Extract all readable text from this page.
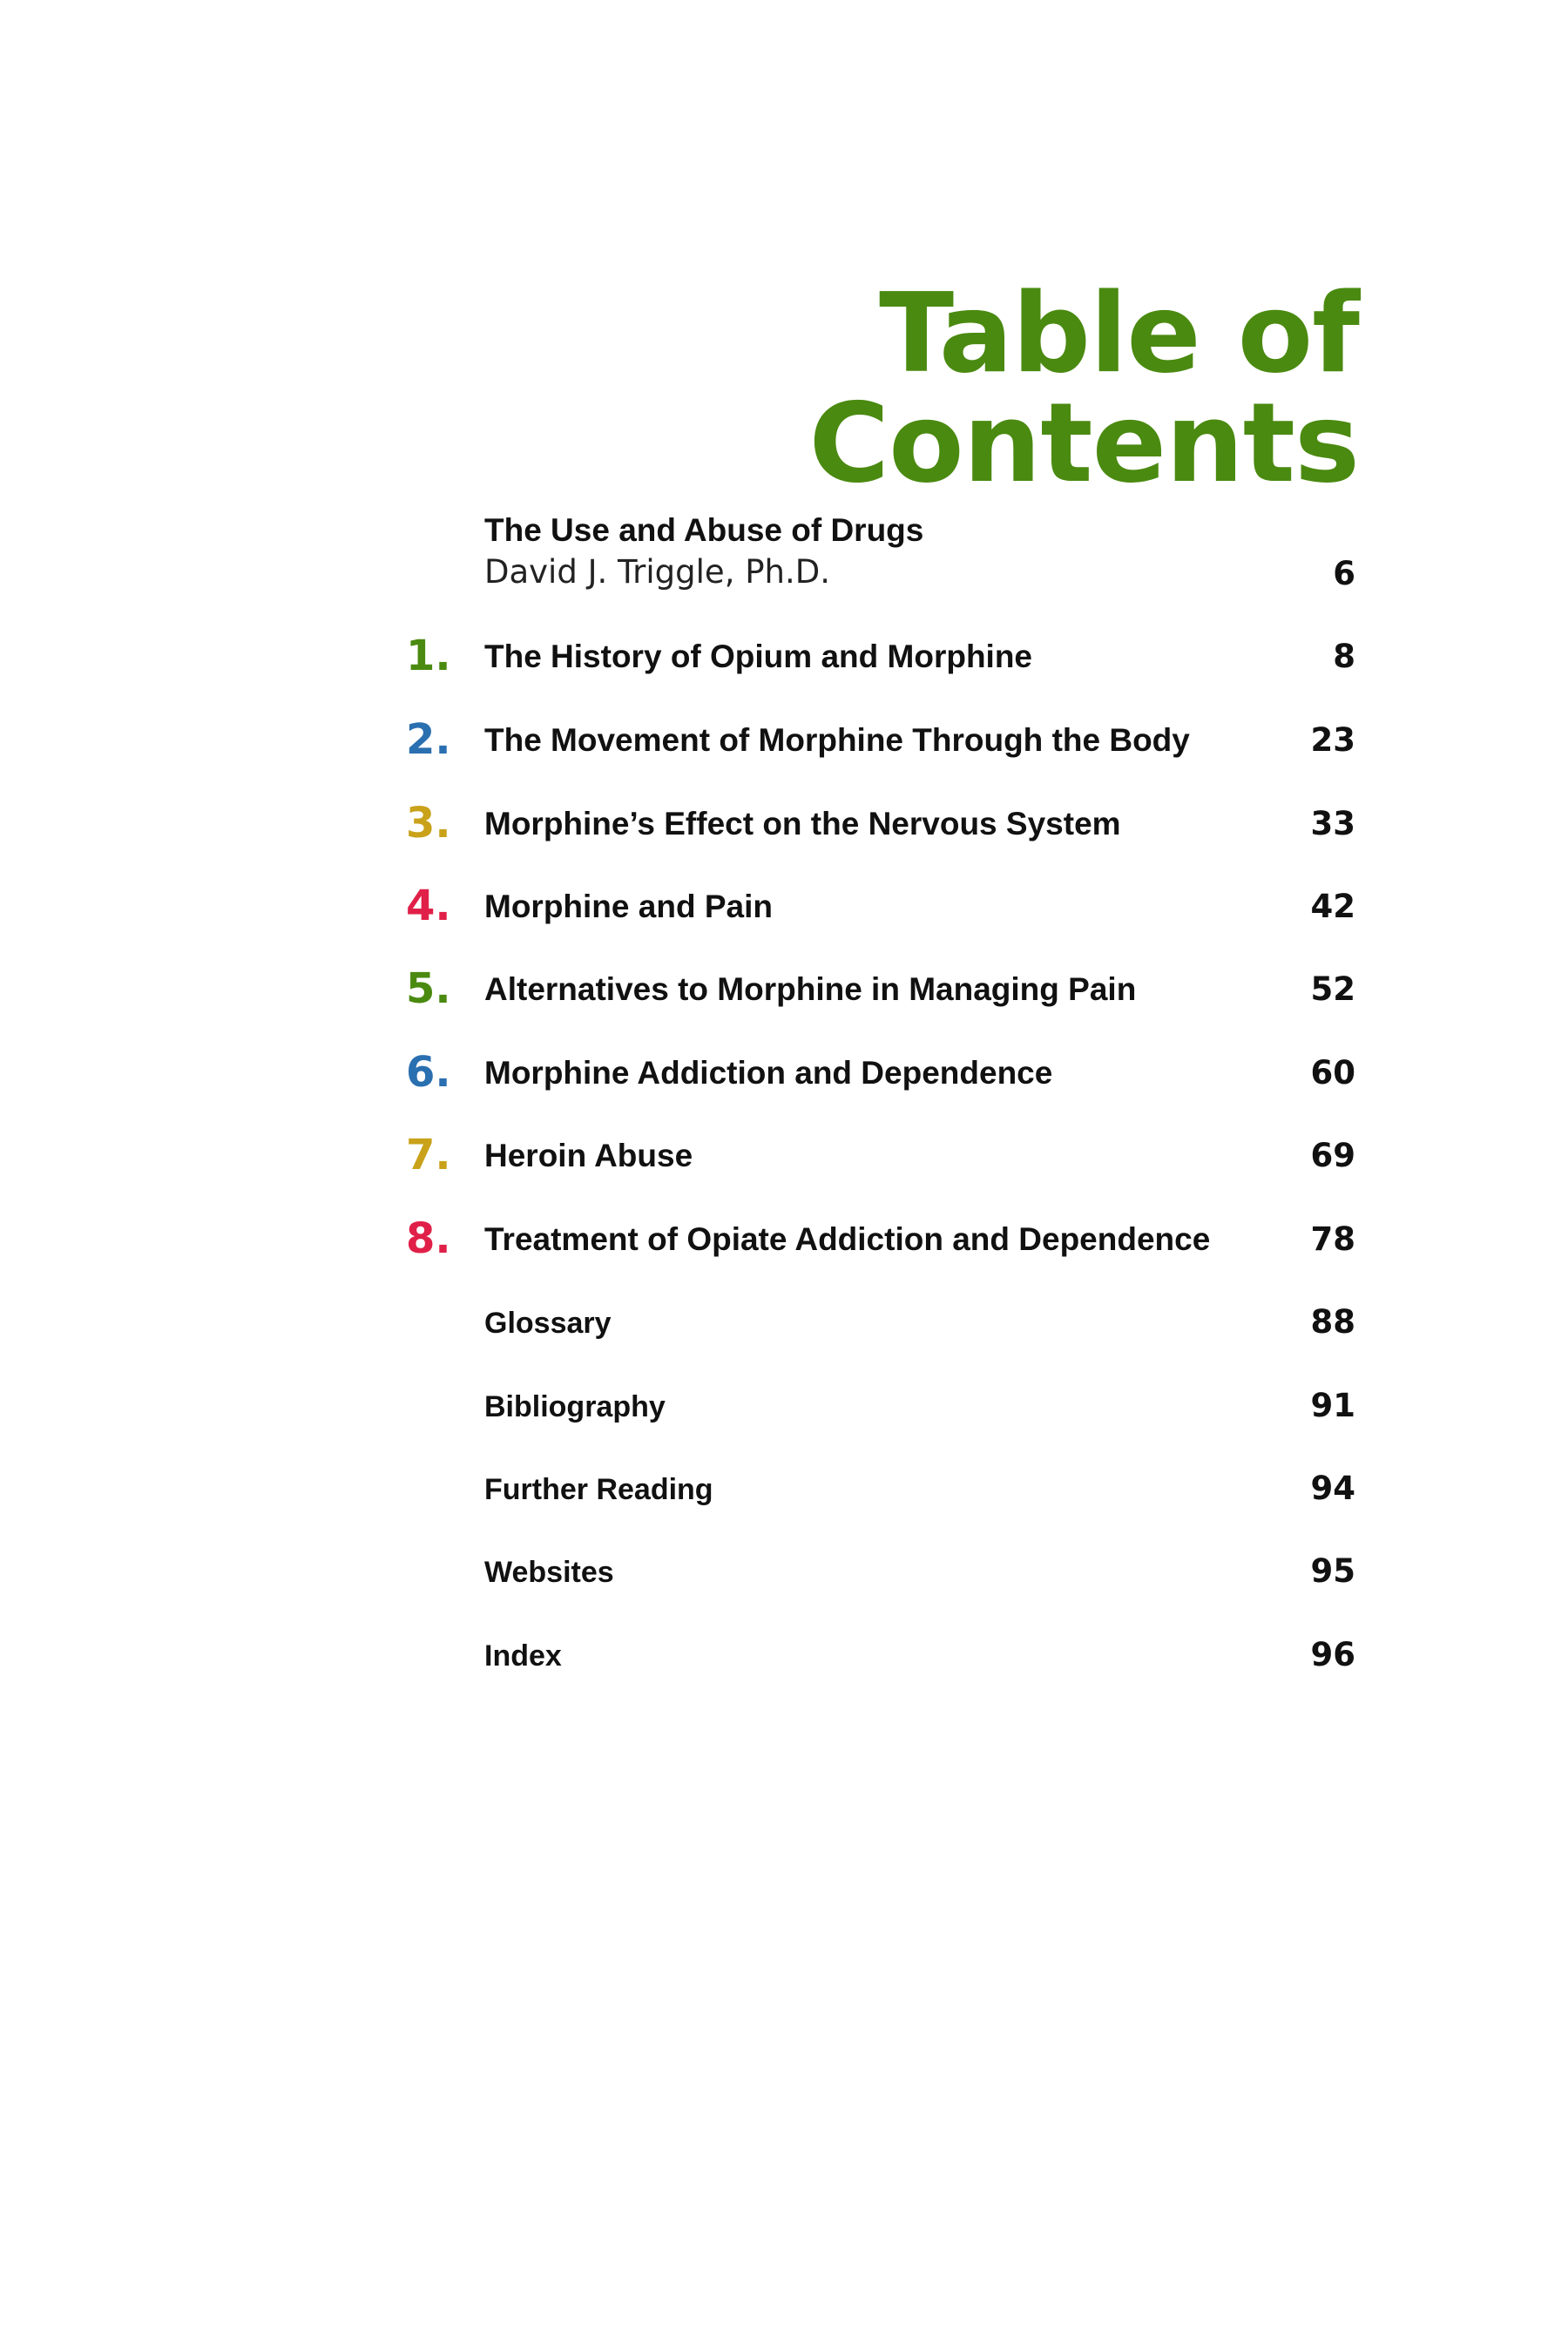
Table of Contents
The Use and Abuse of Drugs
David J. Triggle, Ph.D.	6
1. The History of Opium and Morphine	8
2. The Movement of Morphine Through the Body	23
3. Morphine’s Effect on the Nervous System	33
4. Morphine and Pain	42
5. Alternatives to Morphine in Managing Pain	52
6. Morphine Addiction and Dependence	60
7. Heroin Abuse	69
8. Treatment of Opiate Addiction and Dependence	78
Glossary	88
Bibliography	91
Further Reading	94
Websites	95
Index	96
